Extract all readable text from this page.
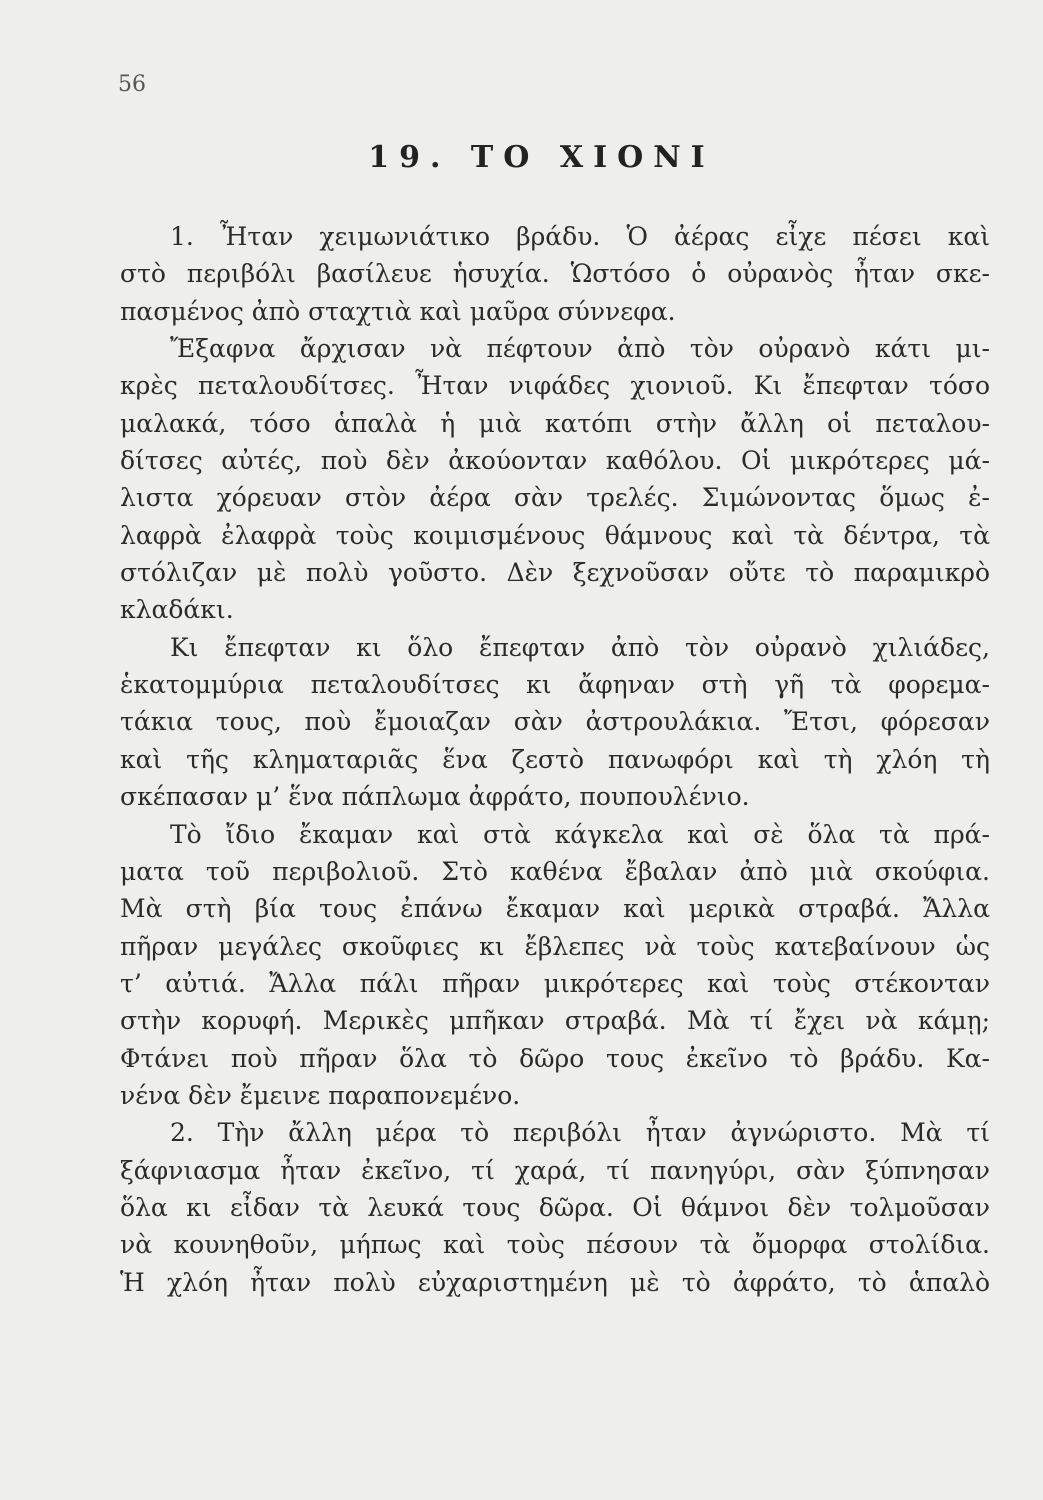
56
19. ΤΟ ΧΙΟΝΙ
1. Ἦταν χειμωνιάτικο βράδυ. Ὁ ἀέρας εἶχε πέσει καὶ
στὸ περιβόλι βασίλευε ἡσυχία. Ὡστόσο ὁ οὐρανὸς ἦταν σκε-
πασμένος ἀπὸ σταχτιὰ καὶ μαῦρα σύννεφα.
Ἔξαφνα ἄρχισαν νὰ πέφτουν ἀπὸ τὸν οὐρανὸ κάτι μι-
κρὲς πεταλουδίτσες. Ἦταν νιφάδες χιονιοῦ. Κι ἔπεφταν τόσο
μαλακά, τόσο ἁπαλὰ ἡ μιὰ κατόπι στὴν ἄλλη οἱ πεταλου-
δίτσες αὐτές, ποὺ δὲν ἀκούονταν καθόλου. Οἱ μικρότερες μά-
λιστα χόρευαν στὸν ἀέρα σὰν τρελές. Σιμώνοντας ὅμως ἐ-
λαφρὰ ἐλαφρὰ τοὺς κοιμισμένους θάμνους καὶ τὰ δέντρα, τὰ
στόλιζαν μὲ πολὺ γοῦστο. Δὲν ξεχνοῦσαν οὔτε τὸ παραμικρὸ
κλαδάκι.
Κι ἔπεφταν κι ὅλο ἔπεφταν ἀπὸ τὸν οὐρανὸ χιλιάδες,
ἑκατομμύρια πεταλουδίτσες κι ἄφηναν στὴ γῆ τὰ φορεμα-
τάκια τους, ποὺ ἔμοιαζαν σὰν ἀστρουλάκια. Ἔτσι, φόρεσαν
καὶ τῆς κληματαριᾶς ἕνα ζεστὸ πανωφόρι καὶ τὴ χλόη τὴ
σκέπασαν μ’ ἕνα πάπλωμα ἀφράτο, πουπουλένιο.
Τὸ ἴδιο ἔκαμαν καὶ στὰ κάγκελα καὶ σὲ ὅλα τὰ πρά-
ματα τοῦ περιβολιοῦ. Στὸ καθένα ἔβαλαν ἀπὸ μιὰ σκούφια.
Μὰ στὴ βία τους ἐπάνω ἔκαμαν καὶ μερικὰ στραβά. Ἄλλα
πῆραν μεγάλες σκοῦφιες κι ἔβλεπες νὰ τοὺς κατεβαίνουν ὡς
τ’ αὐτιά. Ἄλλα πάλι πῆραν μικρότερες καὶ τοὺς στέκονταν
στὴν κορυφή. Μερικὲς μπῆκαν στραβά. Μὰ τί ἔχει νὰ κάμῃ;
Φτάνει ποὺ πῆραν ὅλα τὸ δῶρο τους ἐκεῖνο τὸ βράδυ. Κα-
νένα δὲν ἔμεινε παραπονεμένο.
2. Τὴν ἄλλη μέρα τὸ περιβόλι ἦταν ἀγνώριστο. Μὰ τί
ξάφνιασμα ἦταν ἐκεῖνο, τί χαρά, τί πανηγύρι, σὰν ξύπνησαν
ὅλα κι εἶδαν τὰ λευκά τους δῶρα. Οἱ θάμνοι δὲν τολμοῦσαν
νὰ κουνηθοῦν, μήπως καὶ τοὺς πέσουν τὰ ὄμορφα στολίδια.
Ἡ χλόη ἦταν πολὺ εὐχαριστημένη μὲ τὸ ἀφράτο, τὸ ἁπαλὸ
